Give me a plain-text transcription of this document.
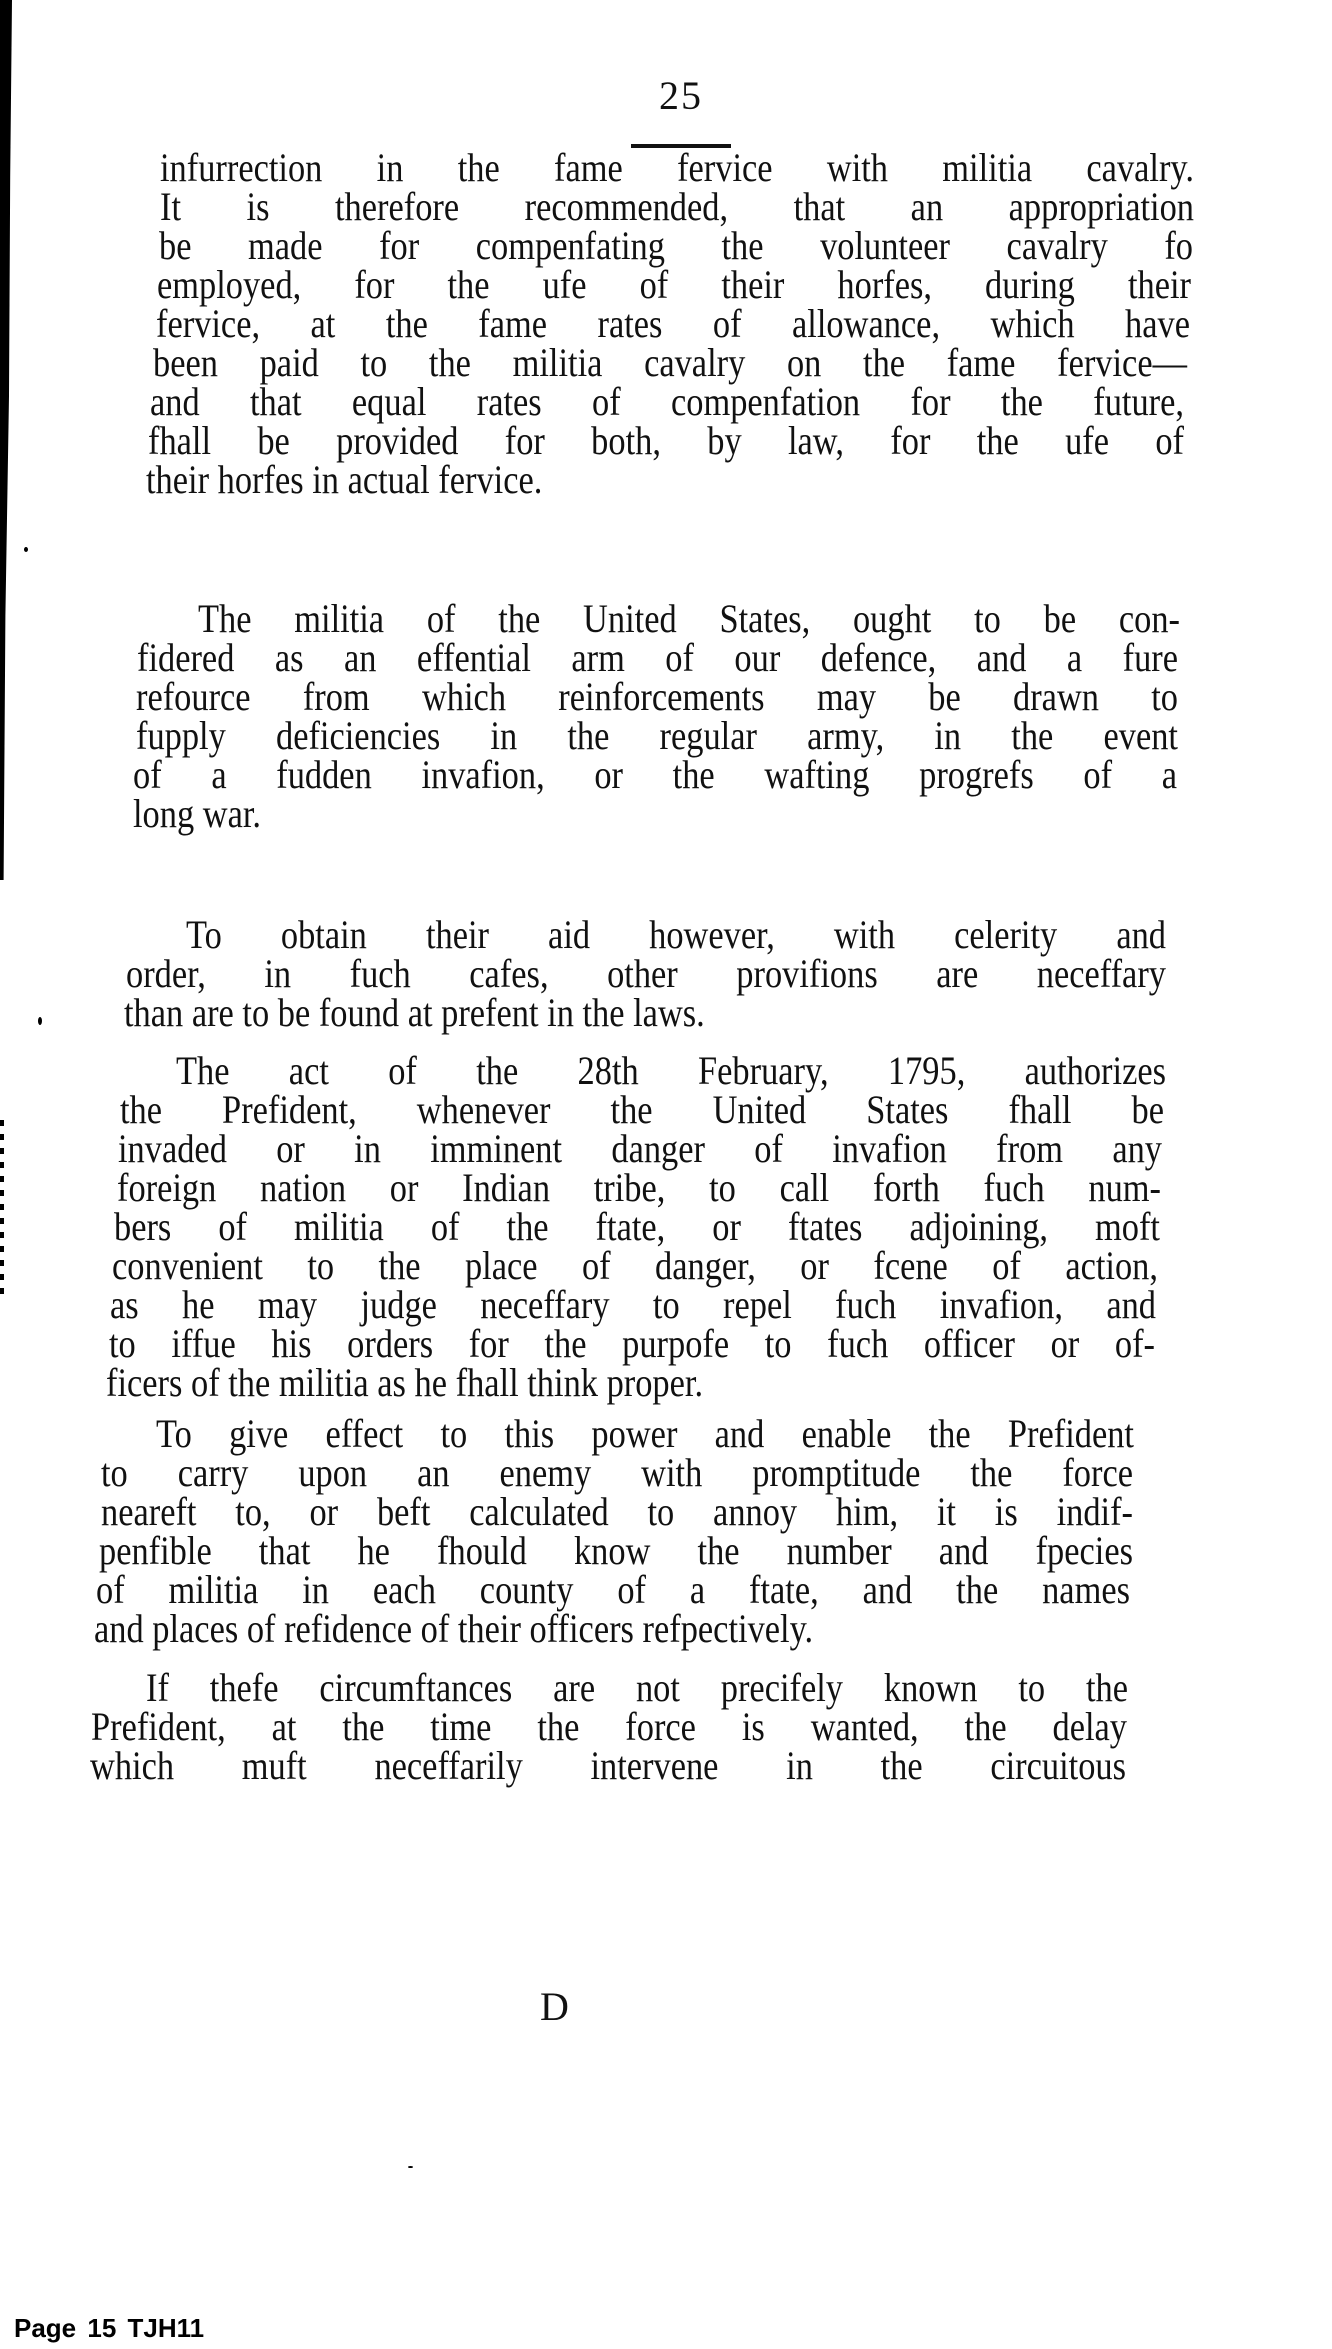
25
infurrection in the fame fervice with militia cavalry.
It is therefore recommended, that an appropriation
be made for compenfating the volunteer cavalry fo
employed, for the ufe of their horfes, during their
fervice, at the fame rates of allowance, which have
been paid to the militia cavalry on the fame fervice—
and that equal rates of compenfation for the future,
fhall be provided for both, by law, for the ufe of
their horfes in actual fervice.
The militia of the United States, ought to be con-
fidered as an effential arm of our defence, and a fure
refource from which reinforcements may be drawn to
fupply deficiencies in the regular army, in the event
of a fudden invafion, or the wafting progrefs of a
long war.
To obtain their aid however, with celerity and
order, in fuch cafes, other provifions are neceffary
than are to be found at prefent in the laws.
The act of the 28th February, 1795, authorizes
the Prefident, whenever the United States fhall be
invaded or in imminent danger of invafion from any
foreign nation or Indian tribe, to call forth fuch num-
bers of militia of the ftate, or ftates adjoining, moft
convenient to the place of danger, or fcene of action,
as he may judge neceffary to repel fuch invafion, and
to iffue his orders for the purpofe to fuch officer or of-
ficers of the militia as he fhall think proper.
To give effect to this power and enable the Prefident
to carry upon an enemy with promptitude the force
neareft to, or beft calculated to annoy him, it is indif-
penfible that he fhould know the number and fpecies
of militia in each county of a ftate, and the names
and places of refidence of their officers refpectively.
If thefe circumftances are not precifely known to the
Prefident, at the time the force is wanted, the delay
which muft neceffarily intervene in the circuitous
D
Page 15 TJH11
